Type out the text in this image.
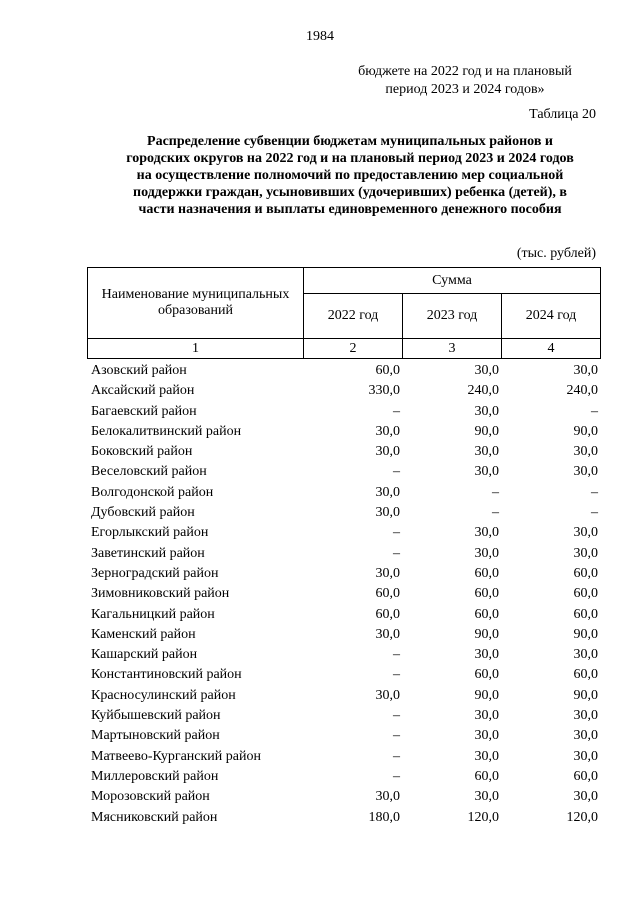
1984
бюджете на 2022 год и на плановый
период 2023 и 2024 годов»
Таблица 20
Распределение субвенции бюджетам муниципальных районов и
городских округов на 2022 год и на плановый период 2023 и 2024 годов
на осуществление полномочий по предоставлению мер социальной
поддержки граждан, усыновивших (удочеривших) ребенка (детей), в
части назначения и выплаты единовременного денежного пособия
(тыс. рублей)
Наименование муниципальных
образований	Сумма		
	2022 год	2023 год	2024 год
1	2	3	4
Азовский район	60,0	30,0	30,0
Аксайский район	330,0	240,0	240,0
Багаевский район	–	30,0	–
Белокалитвинский район	30,0	90,0	90,0
Боковский район	30,0	30,0	30,0
Веселовский район	–	30,0	30,0
Волгодонской район	30,0	–	–
Дубовский район	30,0	–	–
Егорлыкский район	–	30,0	30,0
Заветинский район	–	30,0	30,0
Зерноградский район	30,0	60,0	60,0
Зимовниковский район	60,0	60,0	60,0
Кагальницкий район	60,0	60,0	60,0
Каменский район	30,0	90,0	90,0
Кашарский район	–	30,0	30,0
Константиновский район	–	60,0	60,0
Красносулинский район	30,0	90,0	90,0
Куйбышевский район	–	30,0	30,0
Мартыновский район	–	30,0	30,0
Матвеево-Курганский район	–	30,0	30,0
Миллеровский район	–	60,0	60,0
Морозовский район	30,0	30,0	30,0
Мясниковский район	180,0	120,0	120,0
